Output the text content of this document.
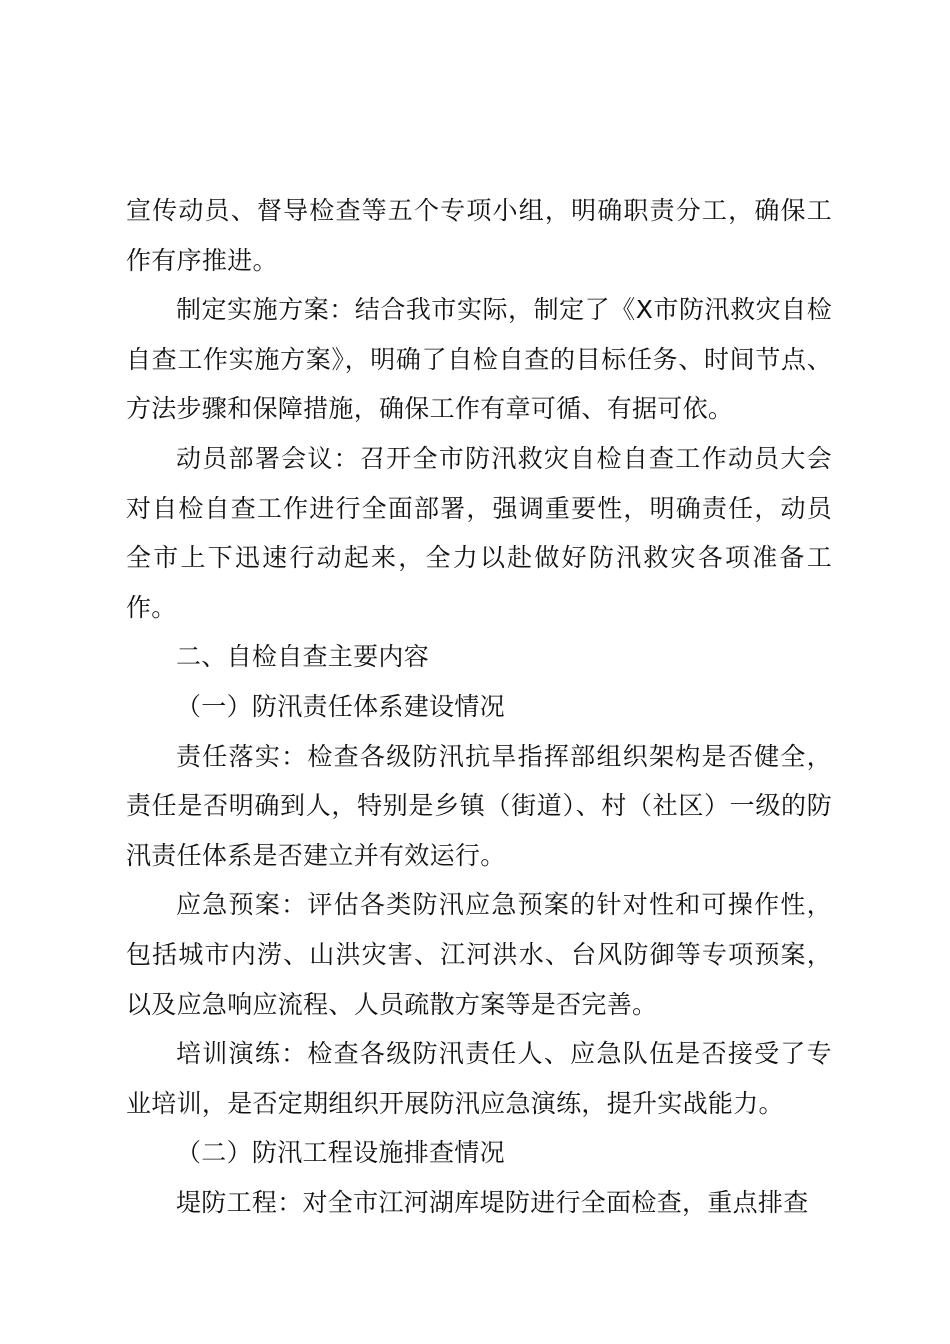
宣传动员、督导检查等五个专项小组，明确职责分工，确保工作有序推进。

制定实施方案：结合我市实际，制定了《X市防汛救灾自检自查工作实施方案》，明确了自检自查的目标任务、时间节点、方法步骤和保障措施，确保工作有章可循、有据可依。

动员部署会议：召开全市防汛救灾自检自查工作动员大会对自检自查工作进行全面部署，强调重要性，明确责任，动员全市上下迅速行动起来，全力以赴做好防汛救灾各项准备工作。

二、自检自查主要内容

（一）防汛责任体系建设情况

责任落实：检查各级防汛抗旱指挥部组织架构是否健全，责任是否明确到人，特别是乡镇（街道）、村（社区）一级的防汛责任体系是否建立并有效运行。

应急预案：评估各类防汛应急预案的针对性和可操作性，包括城市内涝、山洪灾害、江河洪水、台风防御等专项预案，以及应急响应流程、人员疏散方案等是否完善。

培训演练：检查各级防汛责任人、应急队伍是否接受了专业培训，是否定期组织开展防汛应急演练，提升实战能力。

（二）防汛工程设施排查情况

堤防工程：对全市江河湖库堤防进行全面检查，重点排查
